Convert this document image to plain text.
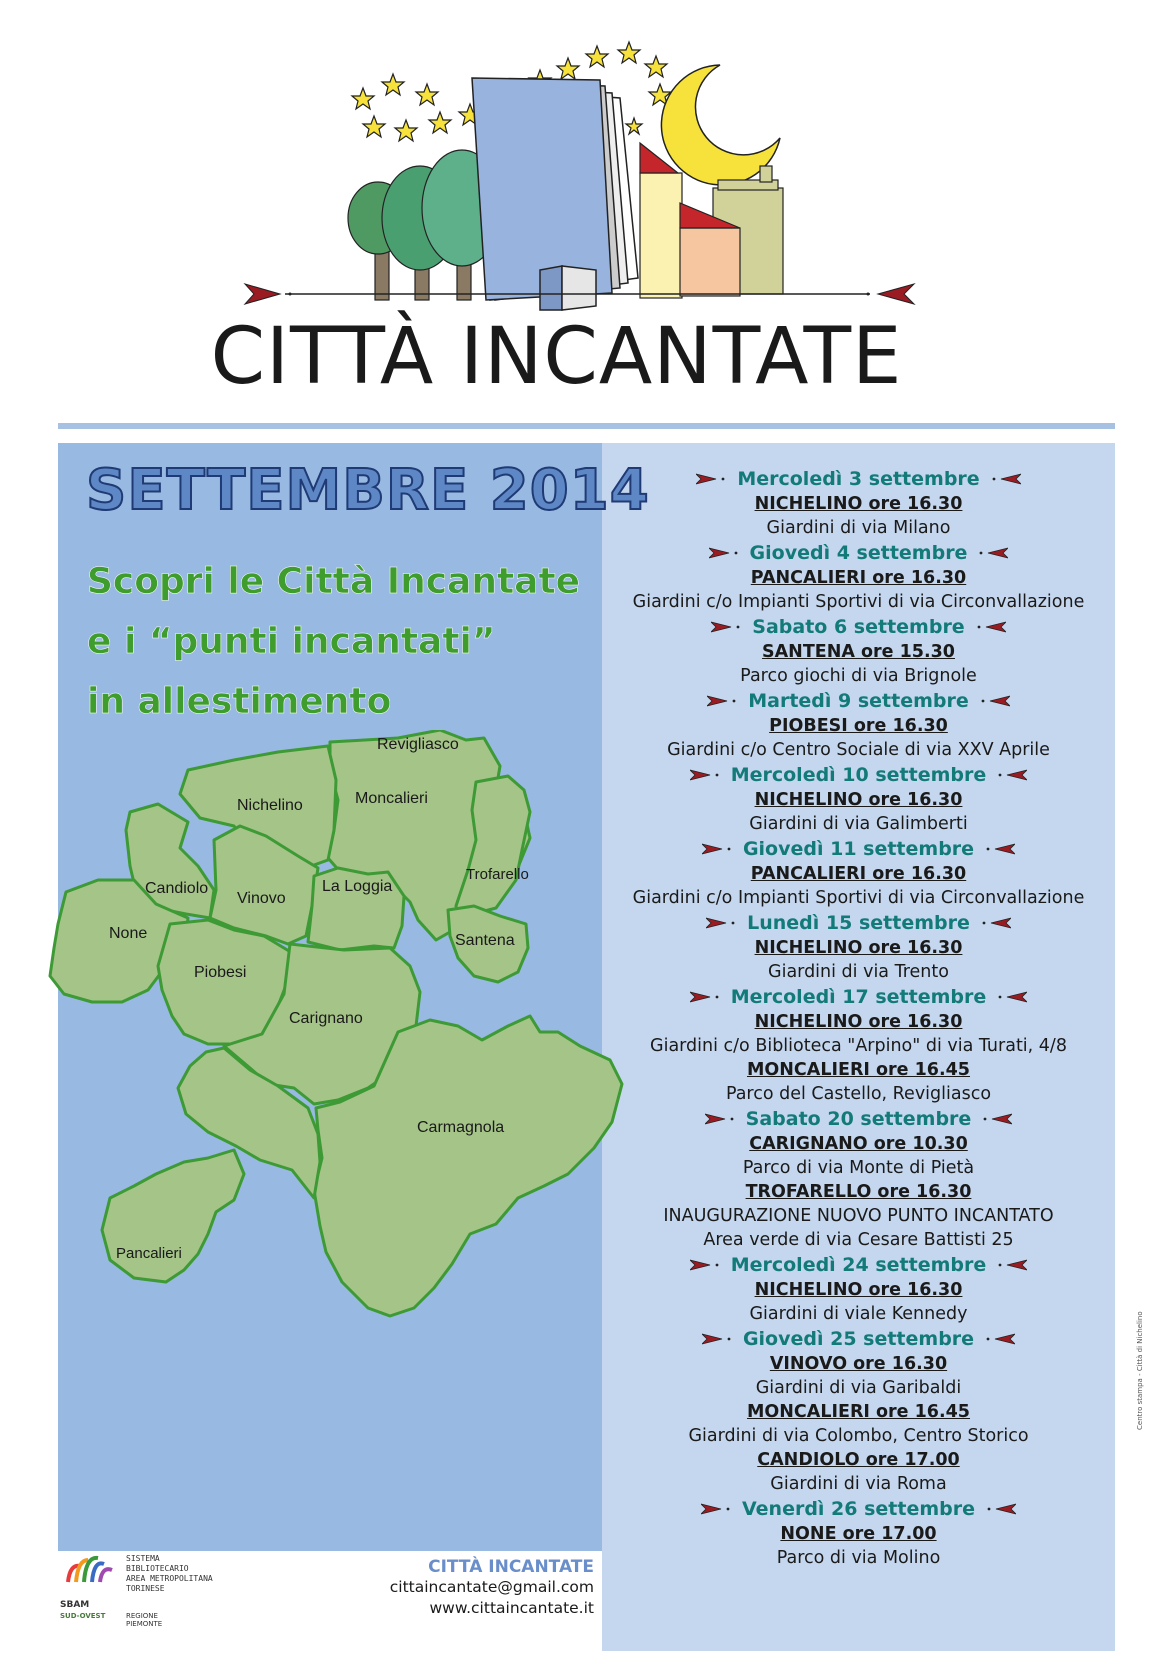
CITTÀ INCANTATE
SETTEMBRE 2014
Scopri le Città Incantate
e i “punti incantati”
in allestimento
Revigliasco
Nichelino	Moncalieri
Candiolo
Vinovo
La Loggia
Trofarello
None	Santena
Piobesi
Carignano
Carmagnola
Pancalieri
Mercoledì 3 settembre
NICHELINO ore 16.30
Giardini di via Milano
Giovedì 4 settembre
PANCALIERI ore 16.30
Giardini c/o Impianti Sportivi di via Circonvallazione
Sabato 6 settembre
SANTENA ore 15.30
Parco giochi di via Brignole
Martedì 9 settembre
PIOBESI ore 16.30
Giardini c/o Centro Sociale di via XXV Aprile
Mercoledì 10 settembre
NICHELINO ore 16.30
Giardini di via Galimberti
Giovedì 11 settembre
PANCALIERI ore 16.30
Giardini c/o Impianti Sportivi di via Circonvallazione
Lunedì 15 settembre
NICHELINO ore 16.30
Giardini di via Trento
Mercoledì 17 settembre
NICHELINO ore 16.30
Giardini c/o Biblioteca "Arpino" di via Turati, 4/8
MONCALIERI ore 16.45
Parco del Castello, Revigliasco
Sabato 20 settembre
CARIGNANO ore 10.30
Parco di via Monte di Pietà
TROFARELLO ore 16.30
INAUGURAZIONE NUOVO PUNTO INCANTATO
Area verde di via Cesare Battisti 25
Mercoledì 24 settembre
NICHELINO ore 16.30
Giardini di viale Kennedy
Giovedì 25 settembre
VINOVO ore 16.30
Giardini di via Garibaldi
MONCALIERI ore 16.45
Giardini di via Colombo, Centro Storico
CANDIOLO ore 17.00
Giardini di via Roma
Venerdì 26 settembre
NONE ore 17.00
Parco di via Molino
SBAM
SUD-OVEST
SISTEMA
BIBLIOTECARIO
AREA METROPOLITANA
TORINESE
REGIONE
PIEMONTE
CITTÀ INCANTATE
cittaincantate@gmail.com
www.cittaincantate.it
Centro stampa - Città di Nichelino
